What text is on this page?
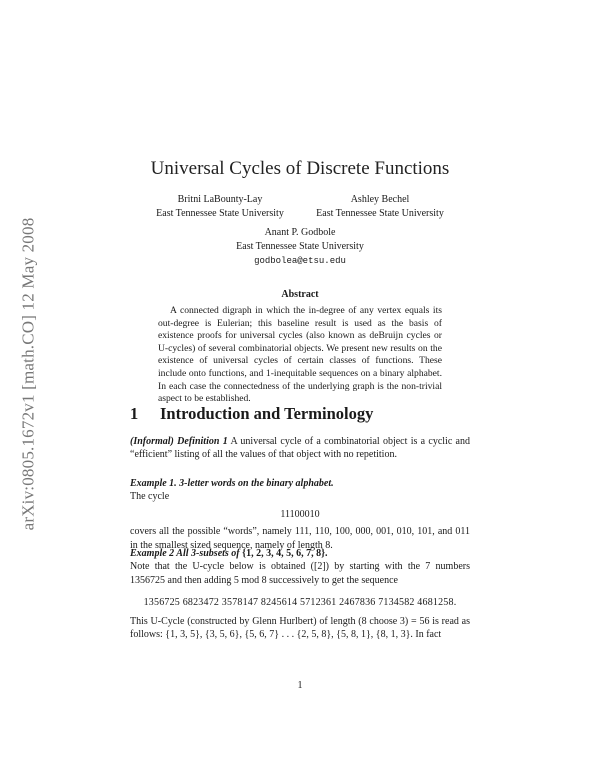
arXiv:0805.1672v1 [math.CO] 12 May 2008
Universal Cycles of Discrete Functions
Britni LaBounty-Lay
East Tennessee State University
Ashley Bechel
East Tennessee State University
Anant P. Godbole
East Tennessee State University
godbolea@etsu.edu
Abstract
A connected digraph in which the in-degree of any vertex equals its out-degree is Eulerian; this baseline result is used as the basis of existence proofs for universal cycles (also known as deBruijn cycles or U-cycles) of several combinatorial objects. We present new results on the existence of universal cycles of certain classes of functions. These include onto functions, and 1-inequitable sequences on a binary alphabet. In each case the connectedness of the underlying graph is the non-trivial aspect to be established.
1 Introduction and Terminology
(Informal) Definition 1 A universal cycle of a combinatorial object is a cyclic and “efficient” listing of all the values of that object with no repetition.
Example 1. 3-letter words on the binary alphabet.
The cycle
11100010
covers all the possible “words”, namely 111, 110, 100, 000, 001, 010, 101, and 011 in the smallest sized sequence, namely of length 8.
Example 2 All 3-subsets of {1, 2, 3, 4, 5, 6, 7, 8}.
Note that the U-cycle below is obtained ([2]) by starting with the 7 numbers 1356725 and then adding 5 mod 8 successively to get the sequence
1356725 6823472 3578147 8245614 5712361 2467836 7134582 4681258.
This U-Cycle (constructed by Glenn Hurlbert) of length (8 choose 3) = 56 is read as follows: {1, 3, 5}, {3, 5, 6}, {5, 6, 7} . . . {2, 5, 8}, {5, 8, 1}, {8, 1, 3}. In fact
1
